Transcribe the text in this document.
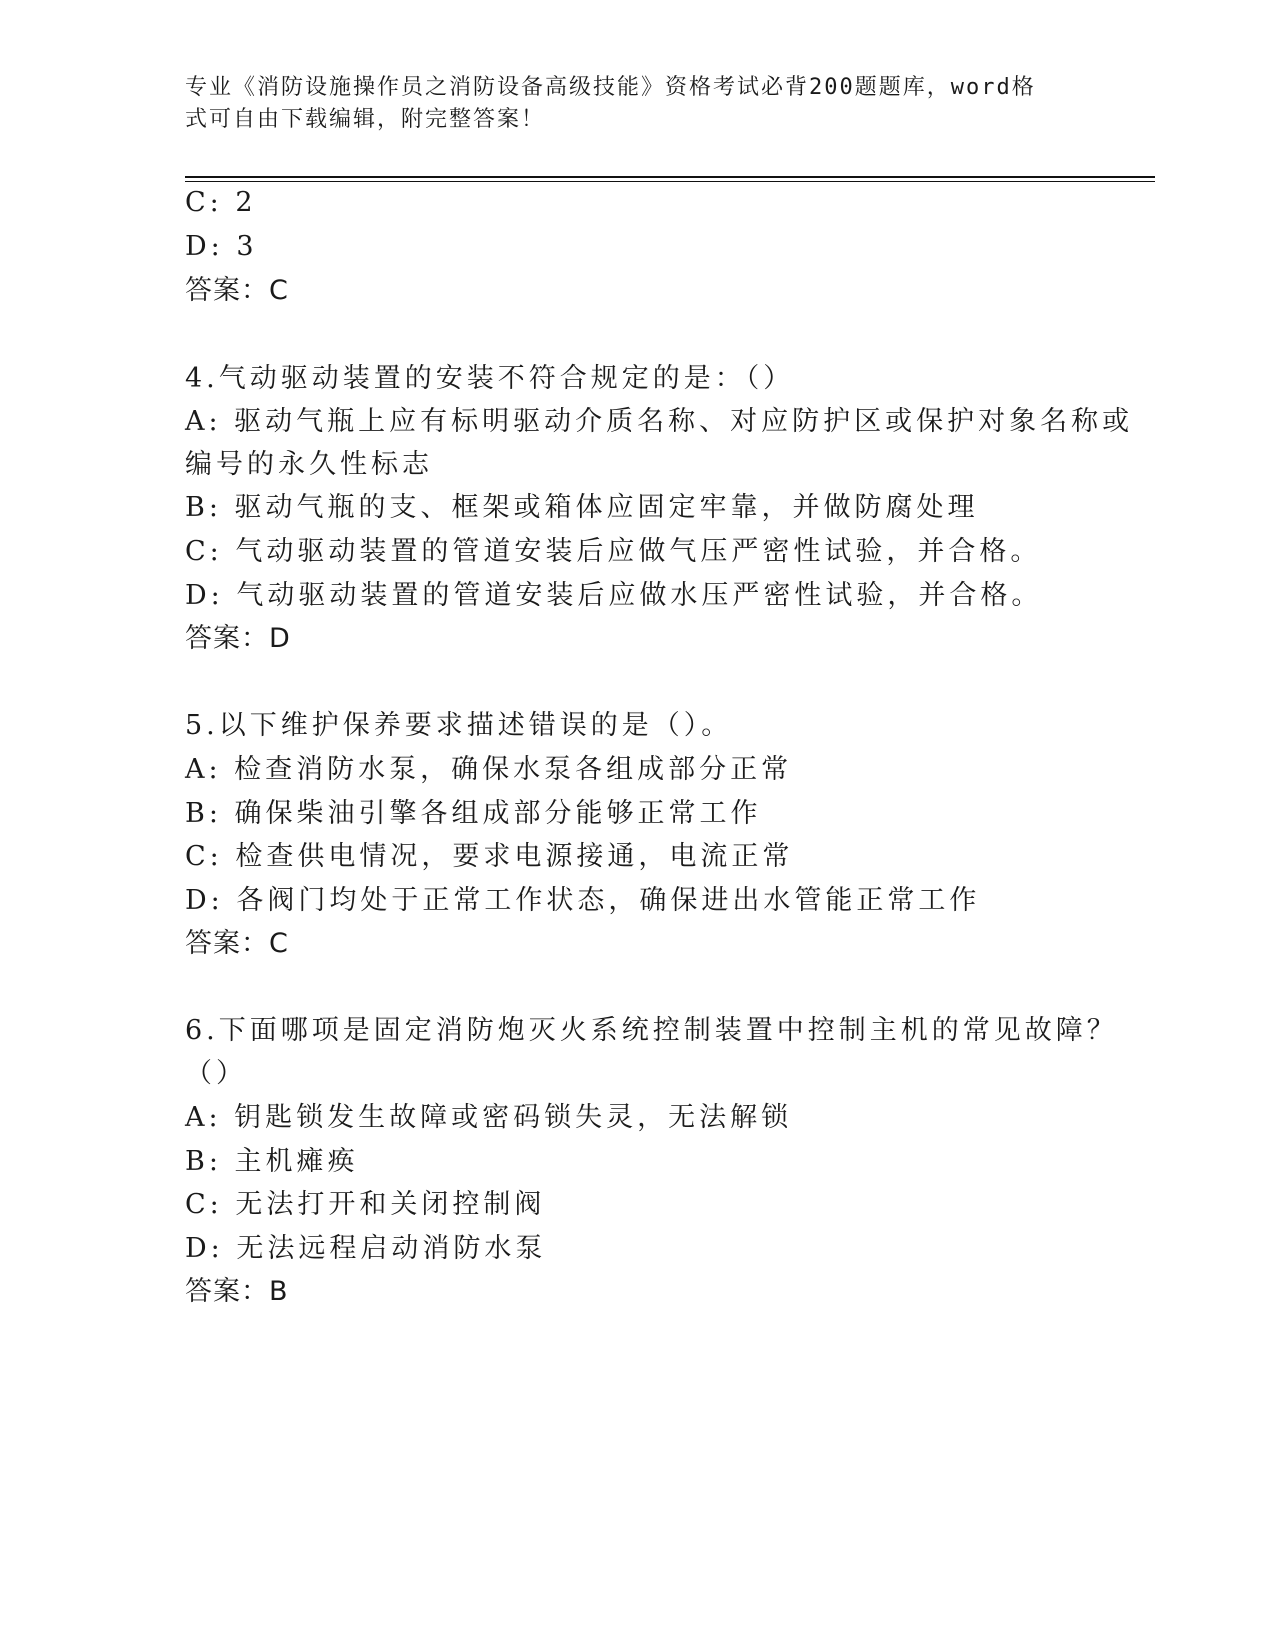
专业《消防设施操作员之消防设备高级技能》资格考试必背200题题库，word格
式可自由下载编辑，附完整答案！
C: 2
D: 3
答案：C
4.气动驱动装置的安装不符合规定的是：（）
A: 驱动气瓶上应有标明驱动介质名称、对应防护区或保护对象名称或
编号的永久性标志
B: 驱动气瓶的支、框架或箱体应固定牢靠，并做防腐处理
C: 气动驱动装置的管道安装后应做气压严密性试验，并合格。
D: 气动驱动装置的管道安装后应做水压严密性试验，并合格。
答案：D
5.以下维护保养要求描述错误的是（）。
A: 检查消防水泵，确保水泵各组成部分正常
B: 确保柴油引擎各组成部分能够正常工作
C: 检查供电情况，要求电源接通，电流正常
D: 各阀门均处于正常工作状态，确保进出水管能正常工作
答案：C
6.下面哪项是固定消防炮灭火系统控制装置中控制主机的常见故障？
（）
A: 钥匙锁发生故障或密码锁失灵，无法解锁
B: 主机瘫痪
C: 无法打开和关闭控制阀
D: 无法远程启动消防水泵
答案：B
